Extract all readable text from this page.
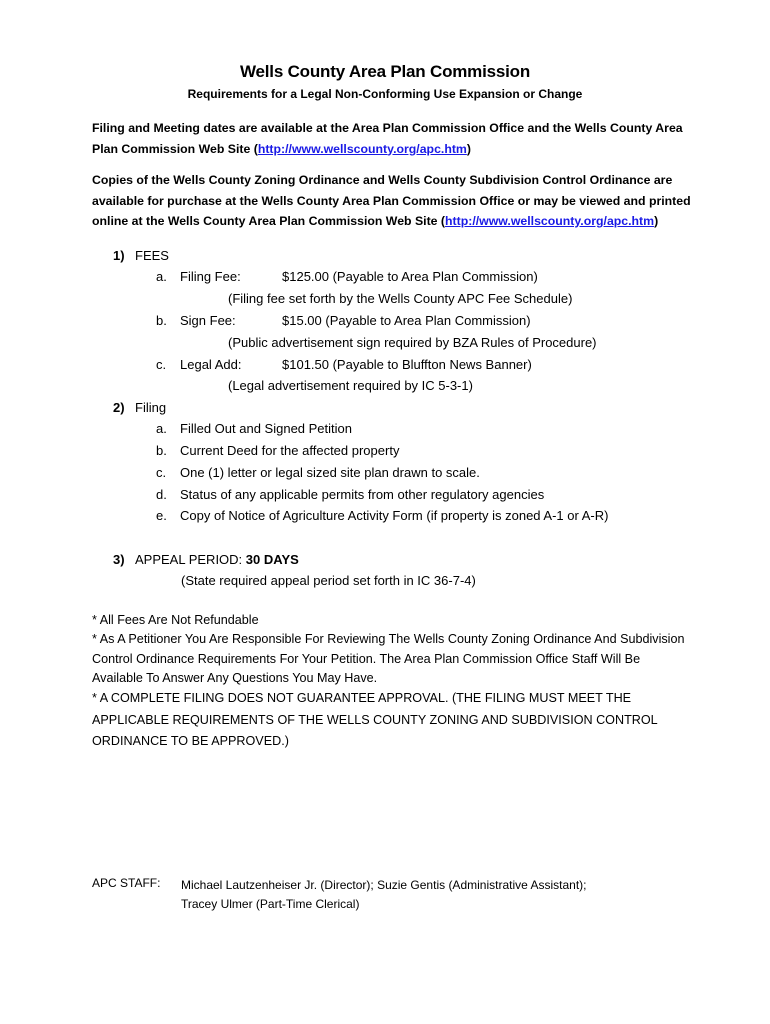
Wells County Area Plan Commission
Requirements for a Legal Non-Conforming Use Expansion or Change
Filing and Meeting dates are available at the Area Plan Commission Office and the Wells County Area Plan Commission Web Site (http://www.wellscounty.org/apc.htm)
Copies of the Wells County Zoning Ordinance and Wells County Subdivision Control Ordinance are available for purchase at the Wells County Area Plan Commission Office or may be viewed and printed online at the Wells County Area Plan Commission Web Site (http://www.wellscounty.org/apc.htm)
1) FEES
a. Filing Fee:	$125.00 (Payable to Area Plan Commission)
(Filing fee set forth by the Wells County APC Fee Schedule)
b. Sign Fee:	$15.00 (Payable to Area Plan Commission)
(Public advertisement sign required by BZA Rules of Procedure)
c. Legal Add:	$101.50 (Payable to Bluffton News Banner)
(Legal advertisement required by IC 5-3-1)
2) Filing
a. Filled Out and Signed Petition
b. Current Deed for the affected property
c. One (1) letter or legal sized site plan drawn to scale.
d. Status of any applicable permits from other regulatory agencies
e. Copy of Notice of Agriculture Activity Form (if property is zoned A-1 or A-R)
3) APPEAL PERIOD: 30 DAYS
(State required appeal period set forth in IC 36-7-4)
* All Fees Are Not Refundable
* As A Petitioner You Are Responsible For Reviewing The Wells County Zoning Ordinance And Subdivision Control Ordinance Requirements For Your Petition. The Area Plan Commission Office Staff Will Be Available To Answer Any Questions You May Have.
* A COMPLETE FILING DOES NOT GUARANTEE APPROVAL. (THE FILING MUST MEET THE APPLICABLE REQUIREMENTS OF THE WELLS COUNTY ZONING AND SUBDIVISION CONTROL ORDINANCE TO BE APPROVED.)
APC STAFF: Michael Lautzenheiser Jr. (Director); Suzie Gentis (Administrative Assistant);
Tracey Ulmer (Part-Time Clerical)
